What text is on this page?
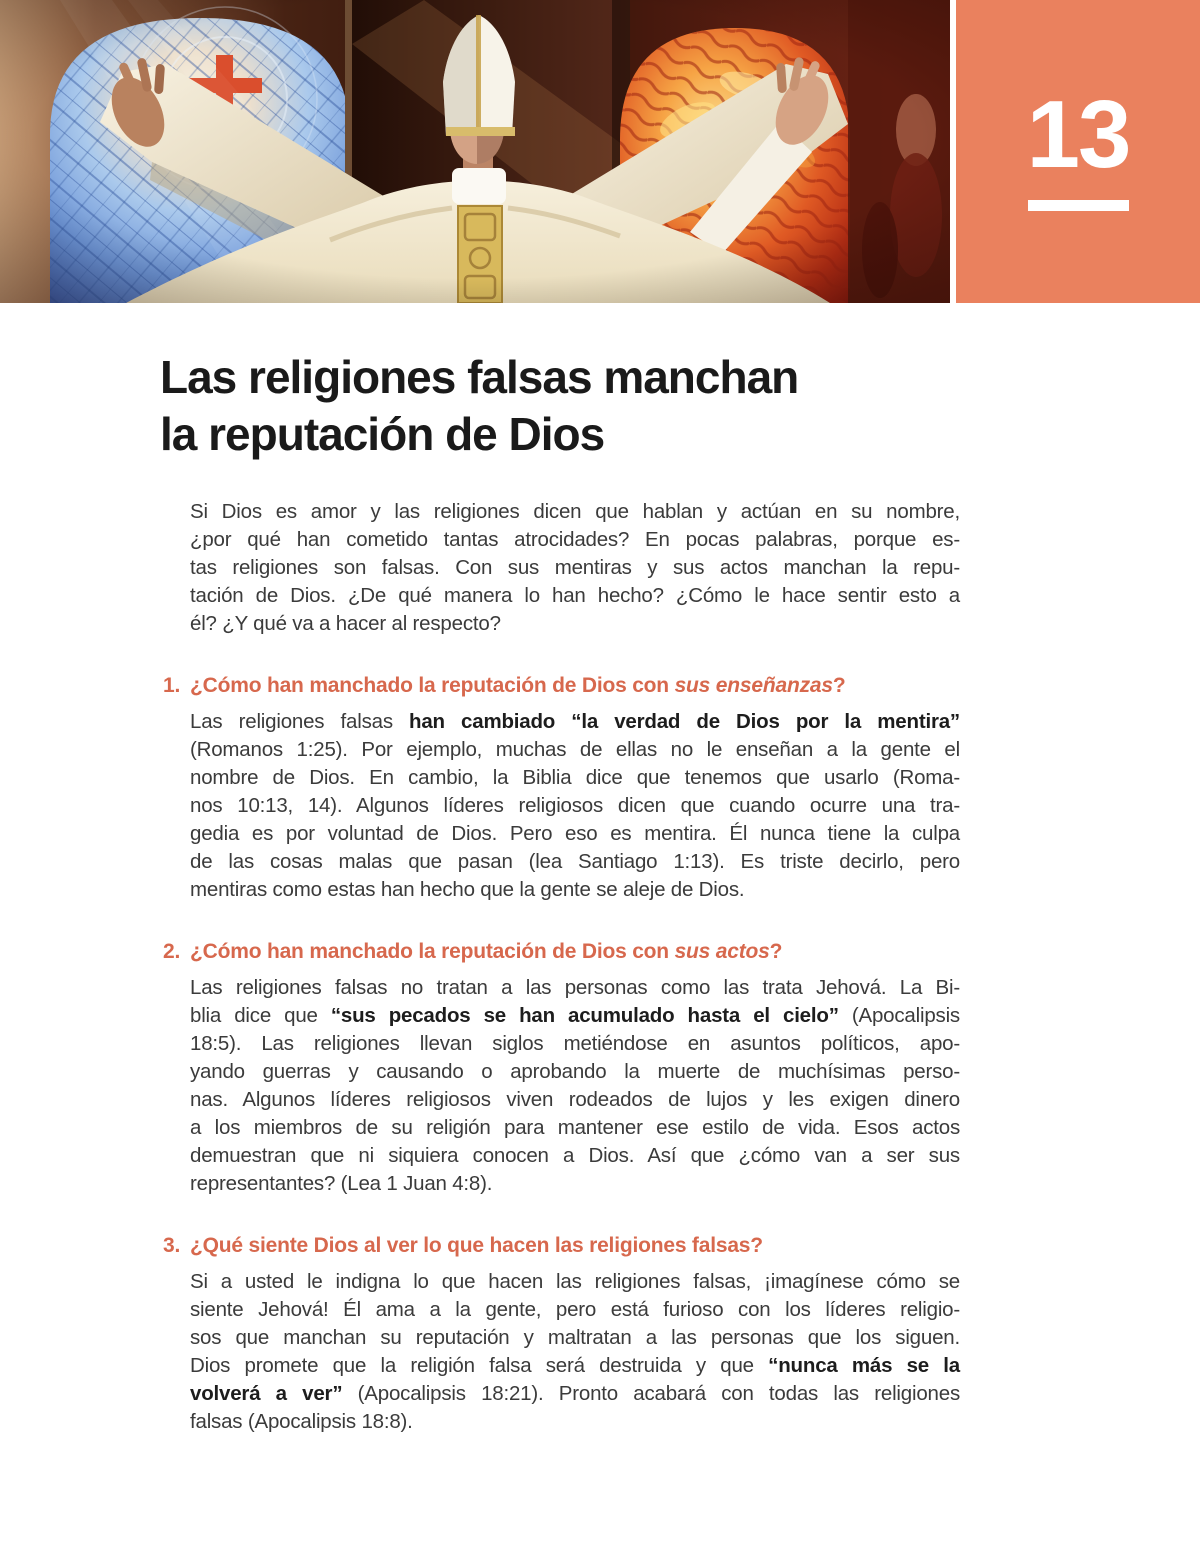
13
Las religiones falsas manchan
la reputación de Dios
Si Dios es amor y las religiones dicen que hablan y actúan en su nombre,
¿por qué han cometido tantas atrocidades? En pocas palabras, porque es-
tas religiones son falsas. Con sus mentiras y sus actos manchan la repu-
tación de Dios. ¿De qué manera lo han hecho? ¿Cómo le hace sentir esto a
él? ¿Y qué va a hacer al respecto?
1. ¿Cómo han manchado la reputación de Dios con sus enseñanzas?
Las religiones falsas han cambiado “la verdad de Dios por la mentira”
(Romanos 1:25). Por ejemplo, muchas de ellas no le enseñan a la gente el
nombre de Dios. En cambio, la Biblia dice que tenemos que usarlo (Roma-
nos 10:13, 14). Algunos líderes religiosos dicen que cuando ocurre una tra-
gedia es por voluntad de Dios. Pero eso es mentira. Él nunca tiene la culpa
de las cosas malas que pasan (lea Santiago 1:13). Es triste decirlo, pero
mentiras como estas han hecho que la gente se aleje de Dios.
2. ¿Cómo han manchado la reputación de Dios con sus actos?
Las religiones falsas no tratan a las personas como las trata Jehová. La Bi-
blia dice que “sus pecados se han acumulado hasta el cielo” (Apocalipsis
18:5). Las religiones llevan siglos metiéndose en asuntos políticos, apo-
yando guerras y causando o aprobando la muerte de muchísimas perso-
nas. Algunos líderes religiosos viven rodeados de lujos y les exigen dinero
a los miembros de su religión para mantener ese estilo de vida. Esos actos
demuestran que ni siquiera conocen a Dios. Así que ¿cómo van a ser sus
representantes? (Lea 1 Juan 4:8).
3. ¿Qué siente Dios al ver lo que hacen las religiones falsas?
Si a usted le indigna lo que hacen las religiones falsas, ¡imagínese cómo se
siente Jehová! Él ama a la gente, pero está furioso con los líderes religio-
sos que manchan su reputación y maltratan a las personas que los siguen.
Dios promete que la religión falsa será destruida y que “nunca más se la
volverá a ver” (Apocalipsis 18:21). Pronto acabará con todas las religiones
falsas (Apocalipsis 18:8).
